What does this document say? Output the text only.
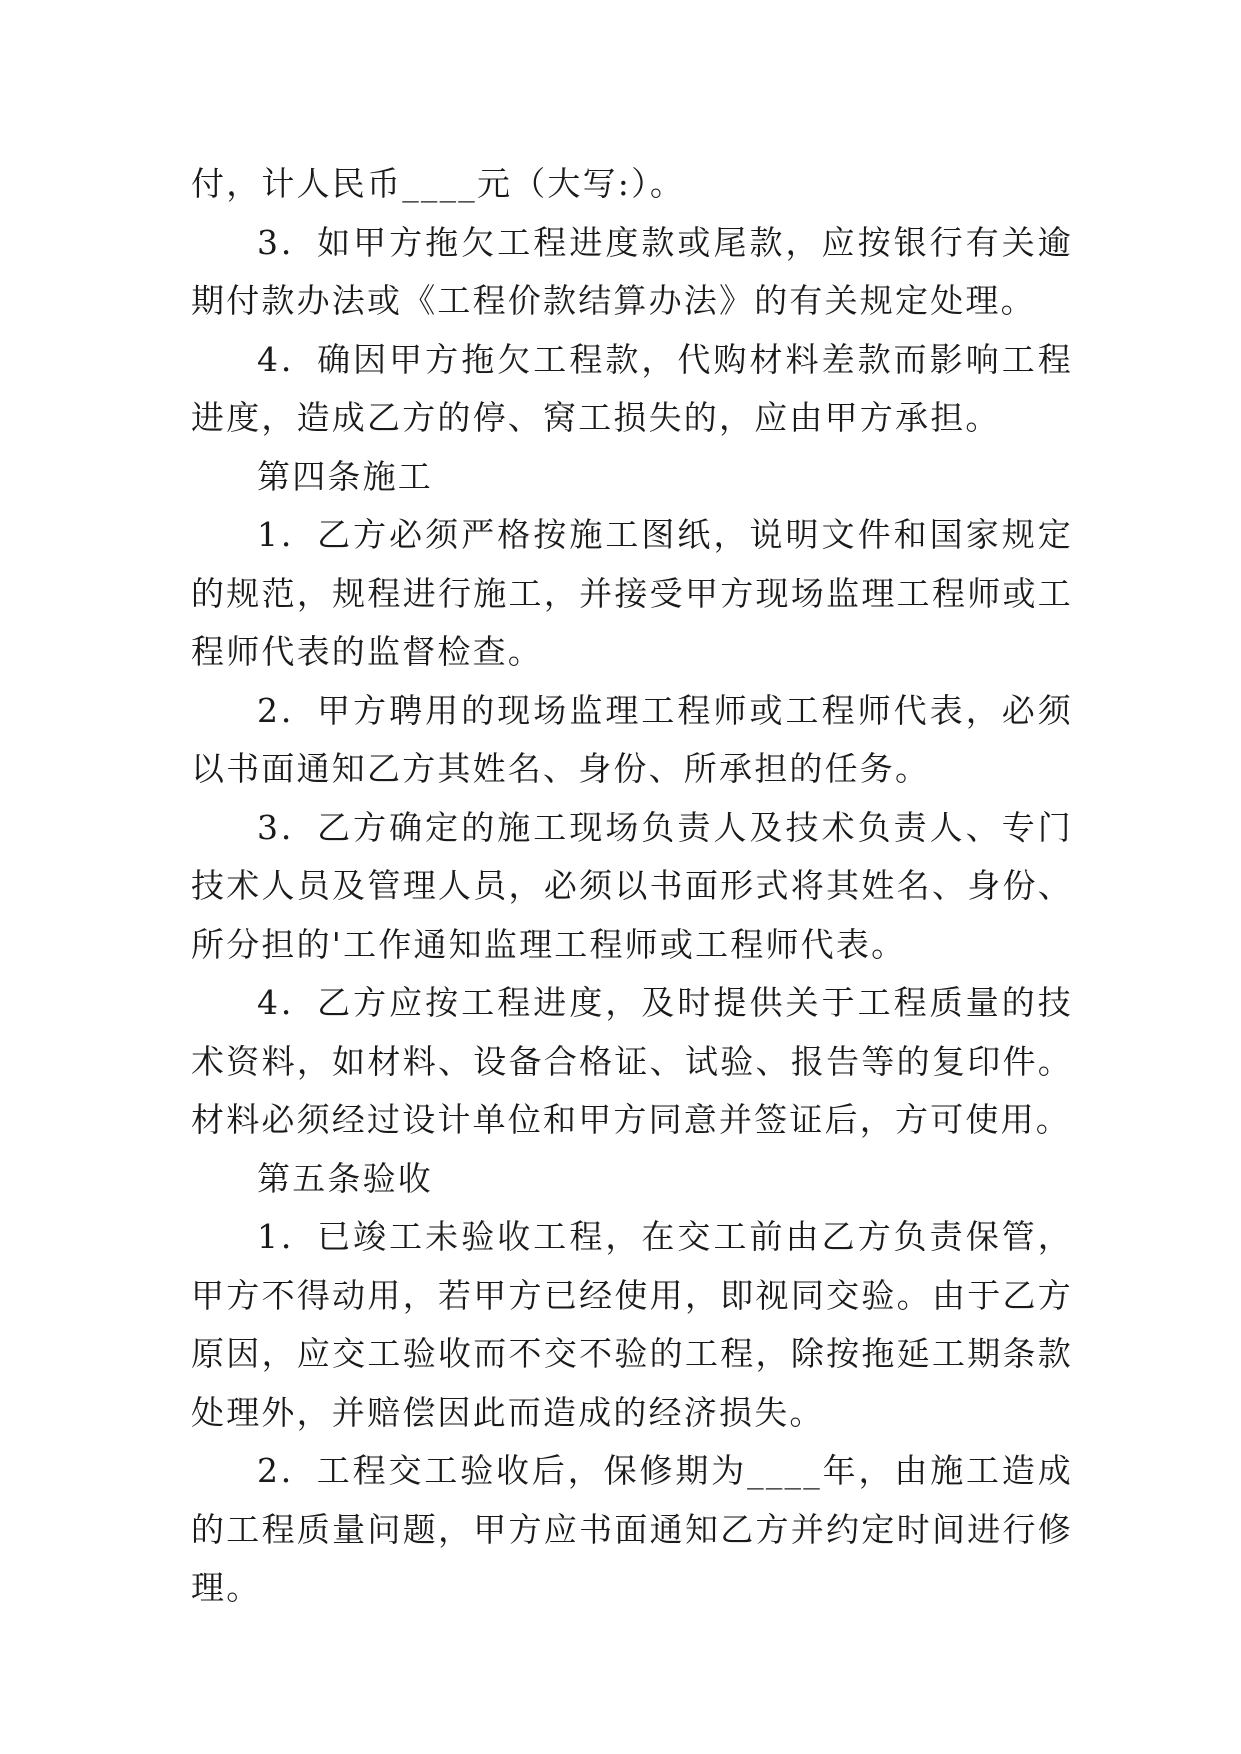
付，计人民币____元（大写:）。

3．如甲方拖欠工程进度款或尾款，应按银行有关逾期付款办法或《工程价款结算办法》的有关规定处理。

4．确因甲方拖欠工程款，代购材料差款而影响工程进度，造成乙方的停、窝工损失的，应由甲方承担。

第四条施工

1．乙方必须严格按施工图纸，说明文件和国家规定的规范，规程进行施工，并接受甲方现场监理工程师或工程师代表的监督检查。

2．甲方聘用的现场监理工程师或工程师代表，必须以书面通知乙方其姓名、身份、所承担的任务。

3．乙方确定的施工现场负责人及技术负责人、专门技术人员及管理人员，必须以书面形式将其姓名、身份、所分担的'工作通知监理工程师或工程师代表。

4．乙方应按工程进度，及时提供关于工程质量的技术资料，如材料、设备合格证、试验、报告等的复印件。材料必须经过设计单位和甲方同意并签证后，方可使用。

第五条验收

1．已竣工未验收工程，在交工前由乙方负责保管，甲方不得动用，若甲方已经使用，即视同交验。由于乙方原因，应交工验收而不交不验的工程，除按拖延工期条款处理外，并赔偿因此而造成的经济损失。

2．工程交工验收后，保修期为____年，由施工造成的工程质量问题，甲方应书面通知乙方并约定时间进行修理。
